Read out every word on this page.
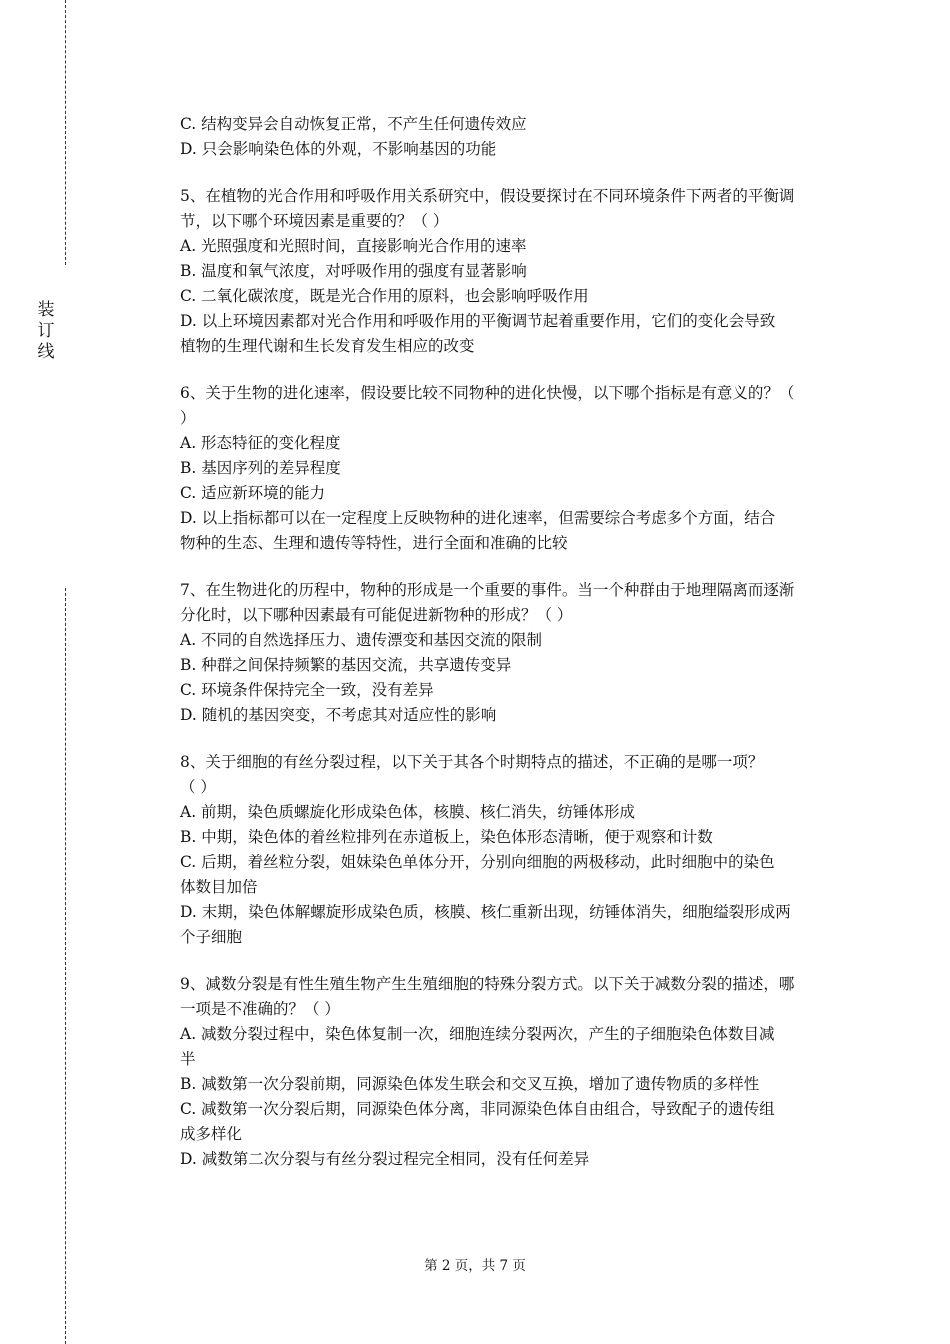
装
订
线
C. 结构变异会自动恢复正常，不产生任何遗传效应
D. 只会影响染色体的外观，不影响基因的功能
5、在植物的光合作用和呼吸作用关系研究中，假设要探讨在不同环境条件下两者的平衡调
节，以下哪个环境因素是重要的？（ ）
A. 光照强度和光照时间，直接影响光合作用的速率
B. 温度和氧气浓度，对呼吸作用的强度有显著影响
C. 二氧化碳浓度，既是光合作用的原料，也会影响呼吸作用
D. 以上环境因素都对光合作用和呼吸作用的平衡调节起着重要作用，它们的变化会导致
植物的生理代谢和生长发育发生相应的改变
6、关于生物的进化速率，假设要比较不同物种的进化快慢，以下哪个指标是有意义的？（
）
A. 形态特征的变化程度
B. 基因序列的差异程度
C. 适应新环境的能力
D. 以上指标都可以在一定程度上反映物种的进化速率，但需要综合考虑多个方面，结合
物种的生态、生理和遗传等特性，进行全面和准确的比较
7、在生物进化的历程中，物种的形成是一个重要的事件。当一个种群由于地理隔离而逐渐
分化时，以下哪种因素最有可能促进新物种的形成？（ ）
A. 不同的自然选择压力、遗传漂变和基因交流的限制
B. 种群之间保持频繁的基因交流，共享遗传变异
C. 环境条件保持完全一致，没有差异
D. 随机的基因突变，不考虑其对适应性的影响
8、关于细胞的有丝分裂过程，以下关于其各个时期特点的描述，不正确的是哪一项？
（ ）
A. 前期，染色质螺旋化形成染色体，核膜、核仁消失，纺锤体形成
B. 中期，染色体的着丝粒排列在赤道板上，染色体形态清晰，便于观察和计数
C. 后期，着丝粒分裂，姐妹染色单体分开，分别向细胞的两极移动，此时细胞中的染色
体数目加倍
D. 末期，染色体解螺旋形成染色质，核膜、核仁重新出现，纺锤体消失，细胞缢裂形成两
个子细胞
9、减数分裂是有性生殖生物产生生殖细胞的特殊分裂方式。以下关于减数分裂的描述，哪
一项是不准确的？（ ）
A. 减数分裂过程中，染色体复制一次，细胞连续分裂两次，产生的子细胞染色体数目减
半
B. 减数第一次分裂前期，同源染色体发生联会和交叉互换，增加了遗传物质的多样性
C. 减数第一次分裂后期，同源染色体分离，非同源染色体自由组合，导致配子的遗传组
成多样化
D. 减数第二次分裂与有丝分裂过程完全相同，没有任何差异
第 2 页，共 7 页
